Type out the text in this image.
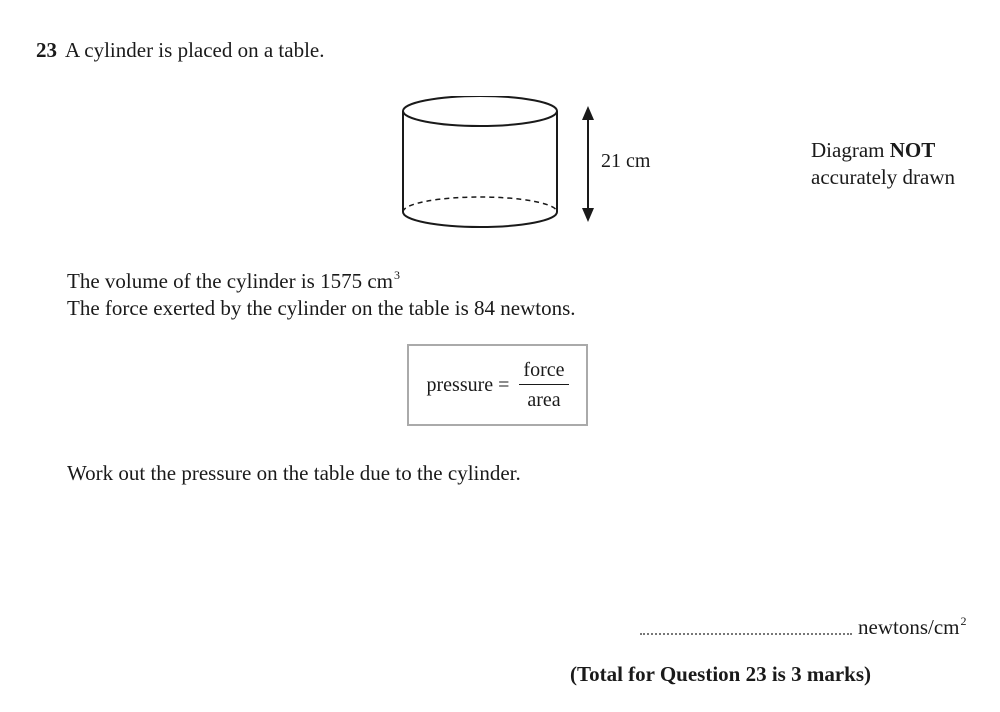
23 A cylinder is placed on a table.
21 cm	Diagram NOT
accurately drawn
The volume of the cylinder is 1575 $cm^3$
The force exerted by the cylinder on the table is 84 newtons.
pressure = $\frac{\text{force}}{\text{area}}$
Work out the pressure on the table due to the cylinder.
newtons/$cm^2$
(Total for Question 23 is 3 marks)
